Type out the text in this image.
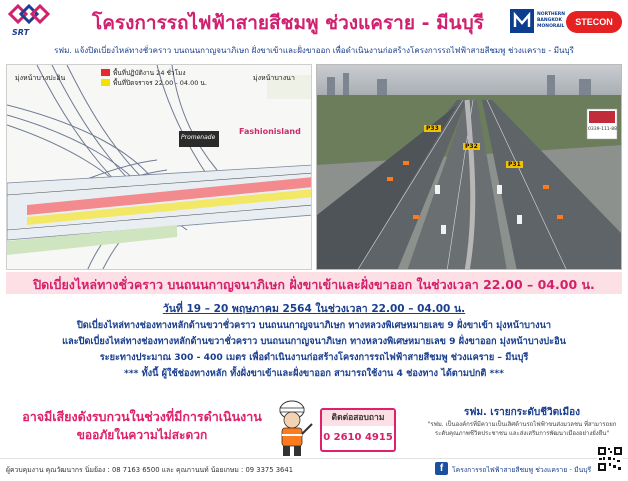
SRT	โครงการรถไฟฟ้าสายสีชมพู ช่วงแคราย - มีนบุรี	NORTHERN BANGKOK MONORAIL	STECON
รฟม. แจ้งปิดเบี่ยงไหล่ทางชั่วคราว บนถนนกาญจนาภิเษก ฝั่งขาเข้าและฝั่งขาออก เพื่อดำเนินงานก่อสร้างโครงการรถไฟฟ้าสายสีชมพู ช่วงแคราย - มีนบุรี
มุ่งหน้าบางปะอิน	มุ่งหน้าบางนา
พื้นที่ปฏิบัติงาน 24 ชั่วโมง
พื้นที่ปิดจราจร 22.00 - 04.00 น.
Promenade
Fashionisland	P33
P32
P31
0339-111-88
ปิดเบี่ยงไหล่ทางชั่วคราว บนถนนกาญจนาภิเษก ฝั่งขาเข้าและฝั่งขาออก ในช่วงเวลา 22.00 – 04.00 น.
วันที่ 19 – 20 พฤษภาคม 2564 ในช่วงเวลา 22.00 – 04.00 น.
ปิดเบี่ยงไหล่ทางช่องทางหลักด้านขวาชั่วคราว บนถนนกาญจนาภิเษก ทางหลวงพิเศษหมายเลข 9 ฝั่งขาเข้า มุ่งหน้าบางนา
และปิดเบี่ยงไหล่ทางช่องทางหลักด้านขวาชั่วคราว บนถนนกาญจนาภิเษก ทางหลวงพิเศษหมายเลข 9 ฝั่งขาออก มุ่งหน้าบางปะอิน
ระยะทางประมาณ 300 - 400 เมตร เพื่อดำเนินงานก่อสร้างโครงการรถไฟฟ้าสายสีชมพู ช่วงแคราย – มีนบุรี
*** ทั้งนี้ ผู้ใช้ช่องทางหลัก ทั้งฝั่งขาเข้าและฝั่งขาออก สามารถใช้งาน 4 ช่องทาง ได้ตามปกติ ***
อาจมีเสียงดังรบกวนในช่วงที่มีการดำเนินงาน
ขออภัยในความไม่สะดวก
ติดต่อสอบถาม
0 2610 4915
รฟม. เรายกระดับชีวิตเมือง
"รฟม. เป็นองค์กรที่มีความเป็นเลิศด้านรถไฟฟ้าขนส่งมวลชน ที่สามารถยกระดับคุณภาพชีวิตประชาชน และส่งเสริมการพัฒนาเมืองอย่างยั่งยืน"
ผู้ควบคุมงาน คุณวัฒนากร นิ่มย้อง : 08 7163 6500 และ คุณกานนท์ น้อยเกษม : 09 3375 3641	f	โครงการรถไฟฟ้าสายสีชมพู ช่วงแคราย - มีนบุรี
